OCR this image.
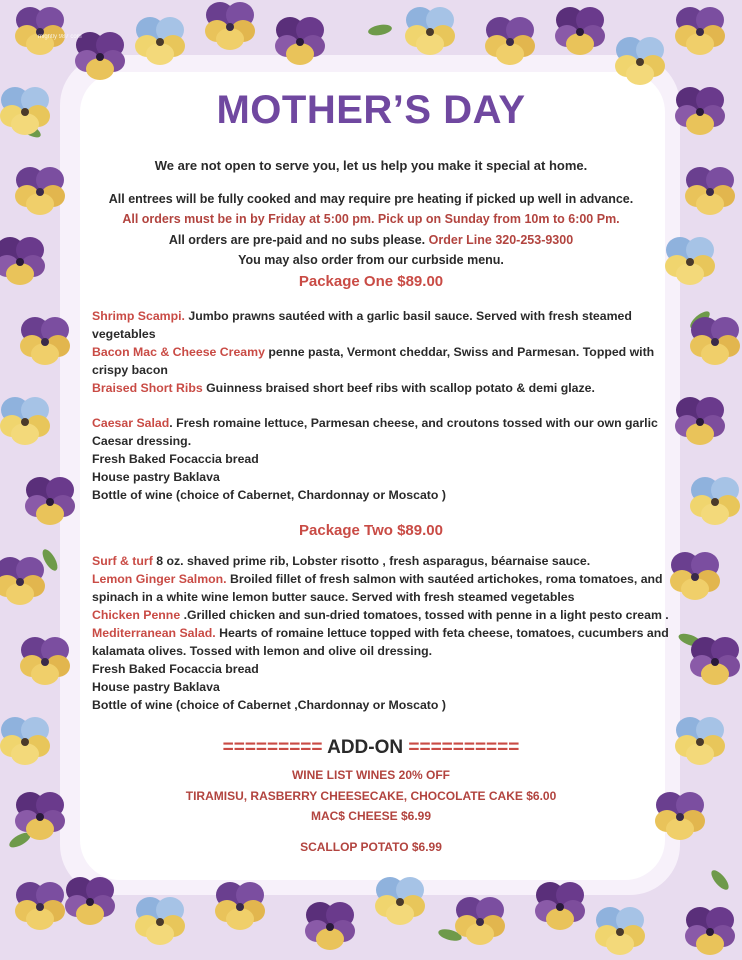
mightly 987 com
MOTHER’S DAY
We are not open to serve you, let us help you make it special at home.
All entrees will be fully cooked and may require pre heating if picked up well in advance.
All orders must be in by Friday at 5:00 pm. Pick up on Sunday from 10m to 6:00 Pm.
All orders are pre-paid and no subs please. Order Line 320-253-9300
You may also order from our curbside menu.
Package One $89.00
Shrimp Scampi. Jumbo prawns sautéed with a garlic basil sauce. Served with fresh steamed vegetables
Bacon Mac & Cheese Creamy penne pasta, Vermont cheddar, Swiss and Parmesan. Topped with crispy bacon
Braised Short Ribs Guinness braised short beef ribs with scallop potato & demi glaze.
Caesar Salad. Fresh romaine lettuce, Parmesan cheese, and croutons tossed with our own garlic Caesar dressing.
Fresh Baked Focaccia bread
House pastry Baklava
Bottle of wine (choice of Cabernet, Chardonnay or Moscato )
Package Two $89.00
Surf & turf 8 oz. shaved prime rib, Lobster risotto , fresh asparagus, béarnaise sauce.
Lemon Ginger Salmon. Broiled fillet of fresh salmon with sautéed artichokes, roma tomatoes, and spinach in a white wine lemon butter sauce. Served with fresh steamed vegetables
Chicken Penne .Grilled chicken and sun-dried tomatoes, tossed with penne in a light pesto cream .
Mediterranean Salad. Hearts of romaine lettuce topped with feta cheese, tomatoes, cucumbers and kalamata olives. Tossed with lemon and olive oil dressing.
Fresh Baked Focaccia bread
House pastry Baklava
Bottle of wine (choice of Cabernet ,Chardonnay or Moscato )
========= ADD-ON ==========
WINE LIST WINES 20% OFF
TIRAMISU, RASBERRY CHEESECAKE, CHOCOLATE CAKE $6.00
MAC$ CHEESE $6.99
SCALLOP POTATO $6.99
